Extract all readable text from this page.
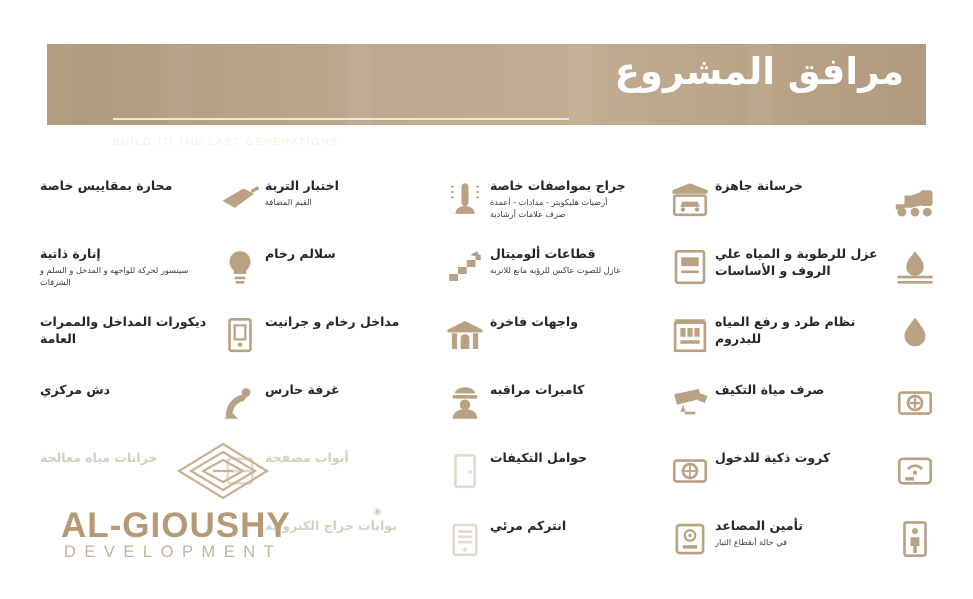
مرافق المشروع
BUILD TO THE LAST GENERATIONS
خرسانة جاهزة
جراج بمواصفات خاصة
أرضيات هليكوبتر - مدادات - أعمدة
صرف علامات أرشادية
اختبار التربة
القيم المضافة
محارة بمقاييس خاصة
عزل للرطوبة و المياه علي الروف و الأساسات
قطاعات ألوميتال
عازل للصوت عاكس للرؤيه مانع للاتربه
سلالم رخام
إنارة ذاتية
سينسور لحركة للواجهه و المدخل و السلم و الشرفات
نظام طرد و رفع المياه للبدروم
واجهات فاخرة
مداخل رخام و جرانيت
ديكورات المداخل والممرات العامة
صرف مياة التكيف
كاميرات مراقبه
غرفة حارس
دش مركزي
كروت ذكية للدخول
حوامل التكيفات
أبواب مصفحة
خزانات مياه معالجة
تأمين المصاعد
في حالة أنقطاع التيار
انتركم مرئي
بوابات جراج الكترونية
AL-GIOUSHY	®
DEVELOPMENT
